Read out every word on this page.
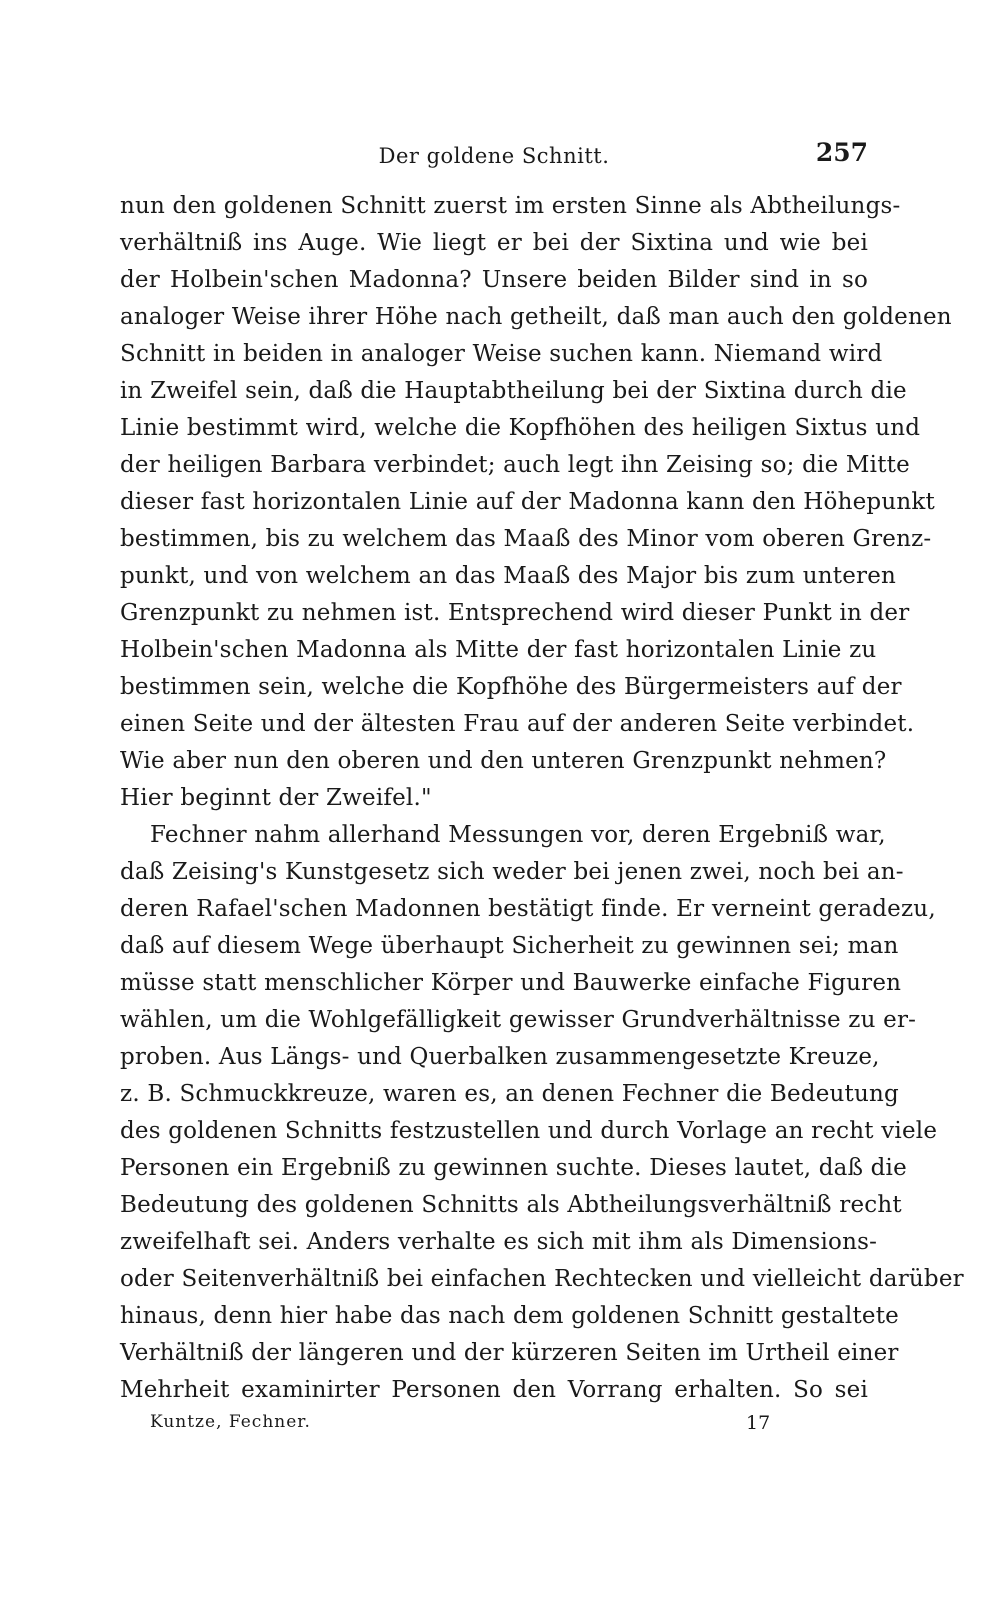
Der goldene Schnitt.	257
nun den goldenen Schnitt zuerst im ersten Sinne als Abtheilungs-
verhältniß ins Auge. Wie liegt er bei der Sixtina und wie bei
der Holbein'schen Madonna? Unsere beiden Bilder sind in so
analoger Weise ihrer Höhe nach getheilt, daß man auch den goldenen
Schnitt in beiden in analoger Weise suchen kann. Niemand wird
in Zweifel sein, daß die Hauptabtheilung bei der Sixtina durch die
Linie bestimmt wird, welche die Kopfhöhen des heiligen Sixtus und
der heiligen Barbara verbindet; auch legt ihn Zeising so; die Mitte
dieser fast horizontalen Linie auf der Madonna kann den Höhepunkt
bestimmen, bis zu welchem das Maaß des Minor vom oberen Grenz-
punkt, und von welchem an das Maaß des Major bis zum unteren
Grenzpunkt zu nehmen ist. Entsprechend wird dieser Punkt in der
Holbein'schen Madonna als Mitte der fast horizontalen Linie zu
bestimmen sein, welche die Kopfhöhe des Bürgermeisters auf der
einen Seite und der ältesten Frau auf der anderen Seite verbindet.
Wie aber nun den oberen und den unteren Grenzpunkt nehmen?
Hier beginnt der Zweifel."
Fechner nahm allerhand Messungen vor, deren Ergebniß war,
daß Zeising's Kunstgesetz sich weder bei jenen zwei, noch bei an-
deren Rafael'schen Madonnen bestätigt finde. Er verneint geradezu,
daß auf diesem Wege überhaupt Sicherheit zu gewinnen sei; man
müsse statt menschlicher Körper und Bauwerke einfache Figuren
wählen, um die Wohlgefälligkeit gewisser Grundverhältnisse zu er-
proben. Aus Längs- und Querbalken zusammengesetzte Kreuze,
z. B. Schmuckkreuze, waren es, an denen Fechner die Bedeutung
des goldenen Schnitts festzustellen und durch Vorlage an recht viele
Personen ein Ergebniß zu gewinnen suchte. Dieses lautet, daß die
Bedeutung des goldenen Schnitts als Abtheilungsverhältniß recht
zweifelhaft sei. Anders verhalte es sich mit ihm als Dimensions-
oder Seitenverhältniß bei einfachen Rechtecken und vielleicht darüber
hinaus, denn hier habe das nach dem goldenen Schnitt gestaltete
Verhältniß der längeren und der kürzeren Seiten im Urtheil einer
Mehrheit examinirter Personen den Vorrang erhalten. So sei
Kuntze, Fechner.	17
